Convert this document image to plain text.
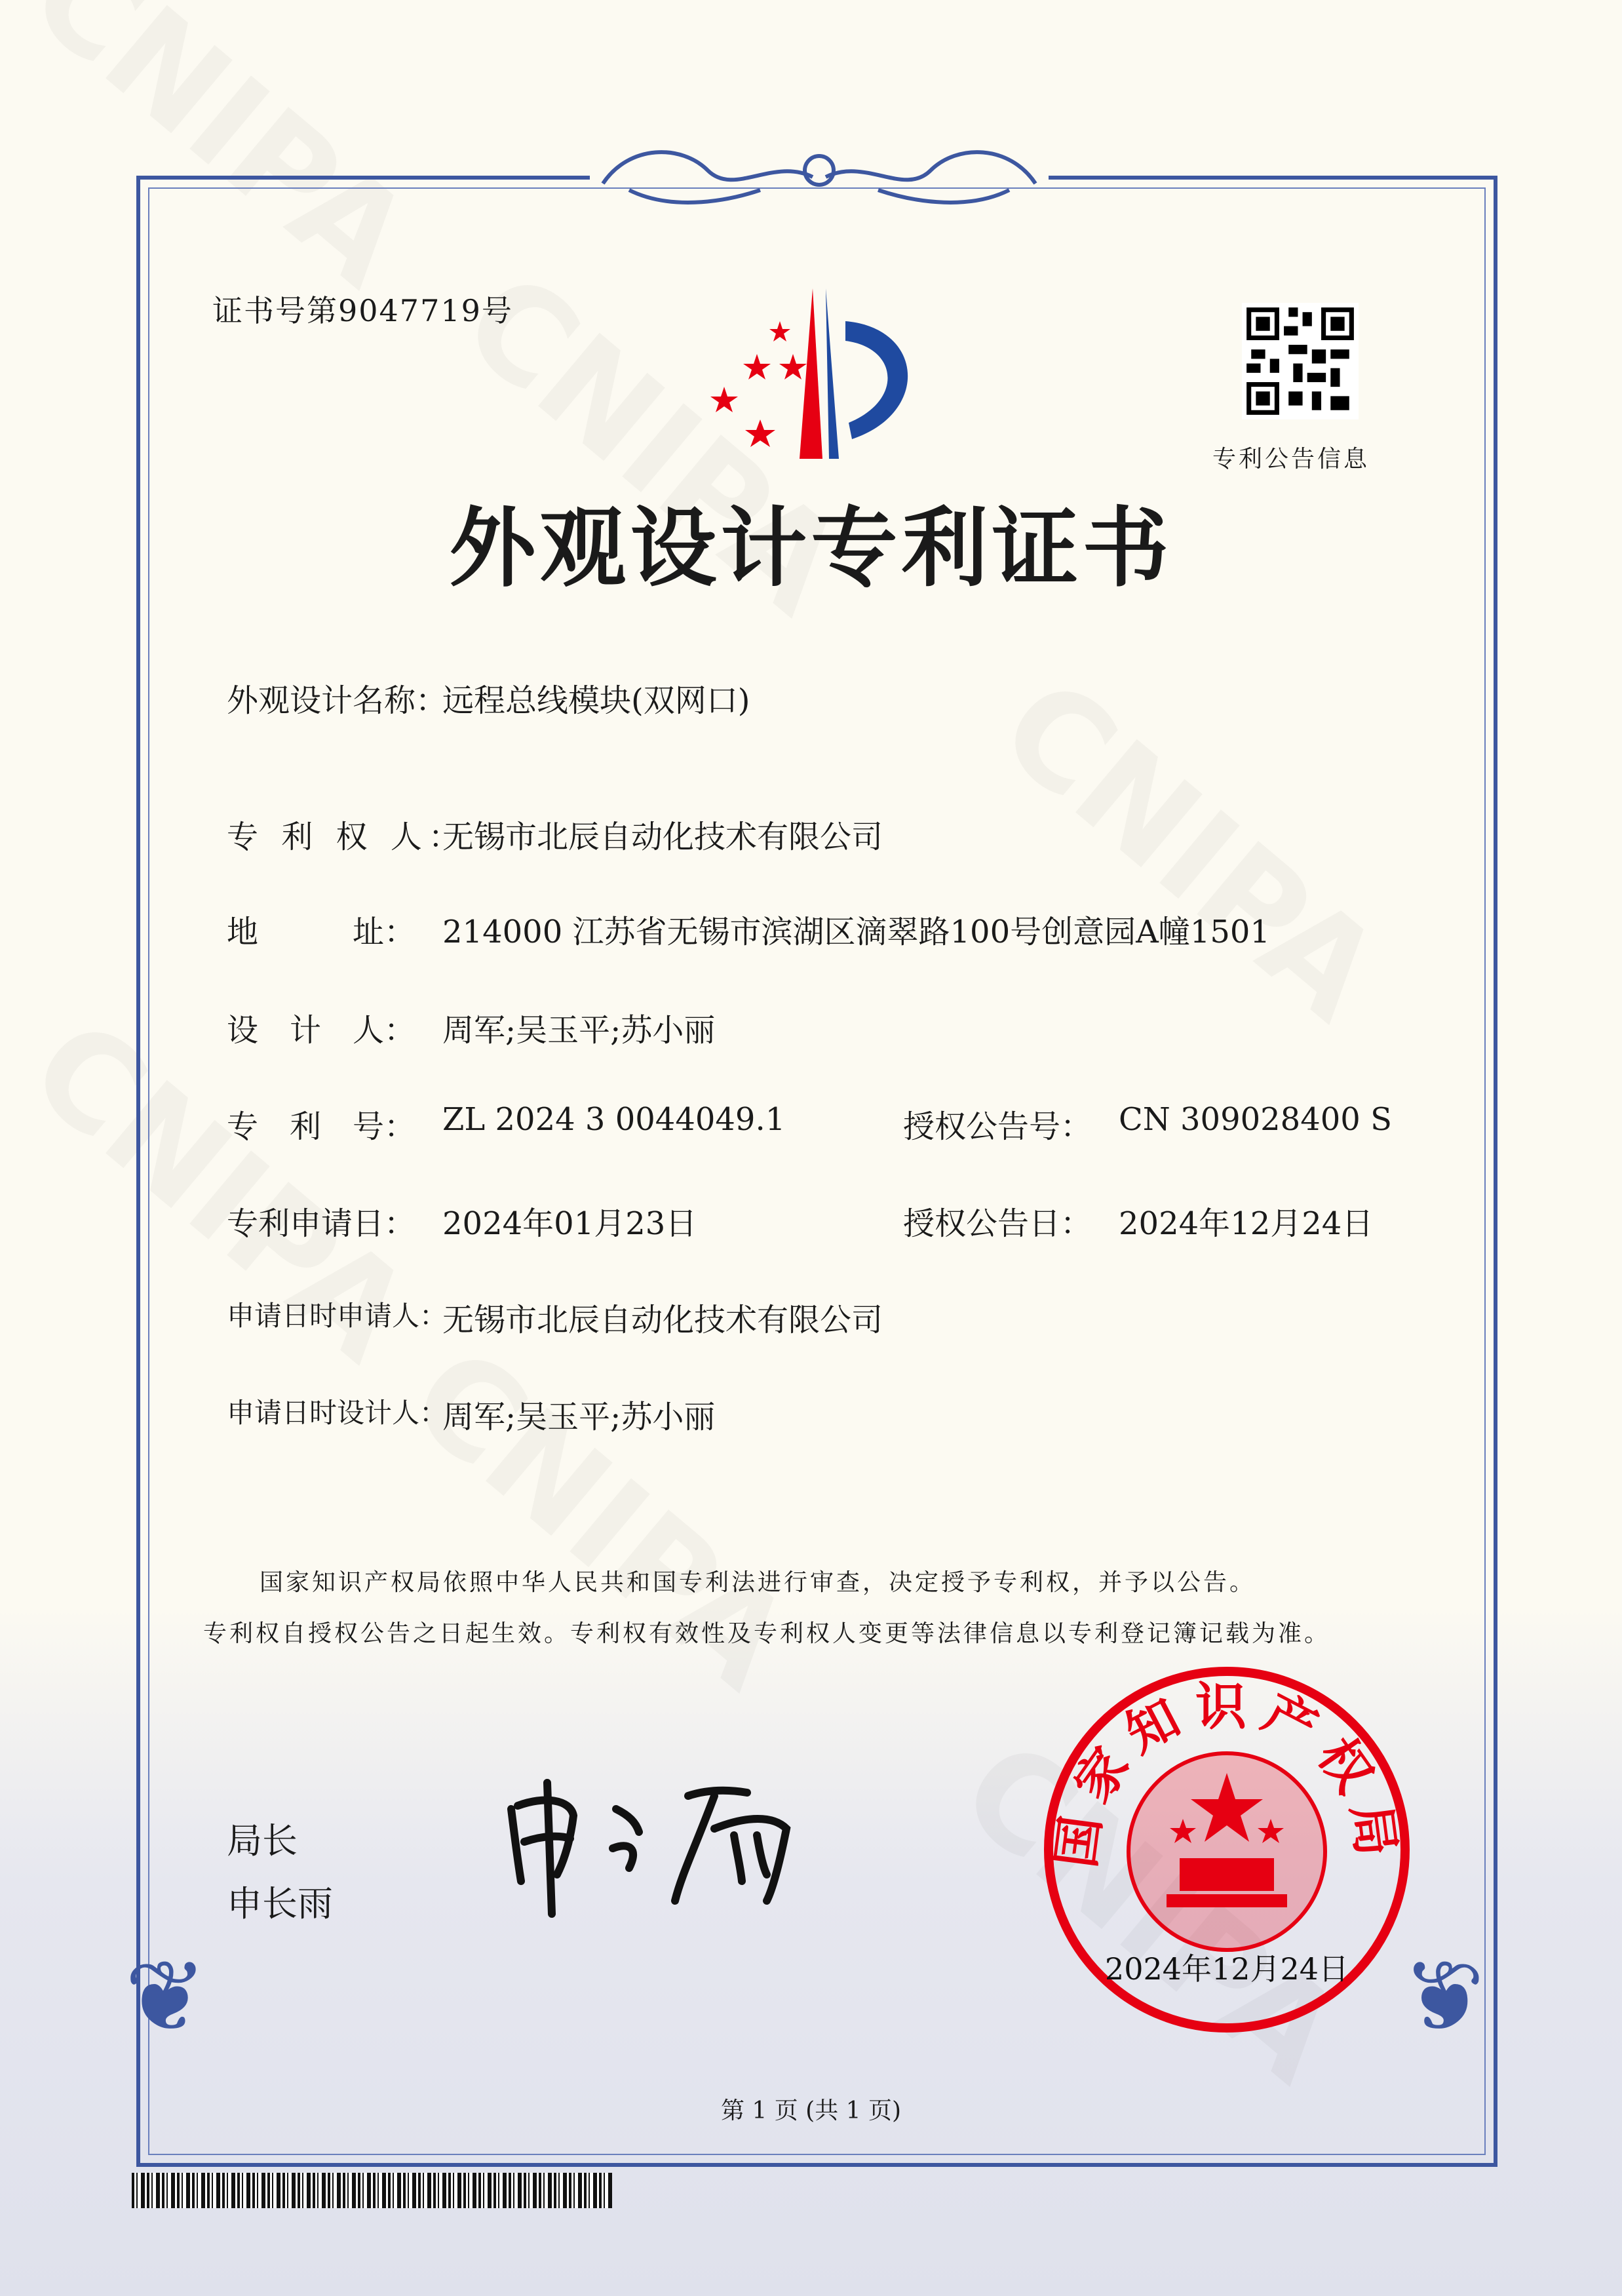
证书号第9047719号
专利公告信息
外观设计专利证书
外观设计名称：
远程总线模块(双网口)
专 利 权 人：
无锡市北辰自动化技术有限公司
地　　　址： 214000 江苏省无锡市滨湖区滴翠路100号创意园A幢1501
设　计　人： 周军;吴玉平;苏小丽
专　利　号： ZL 2024 3 0044049.1
专利申请日： 2024年01月23日
申请日时申请人：
无锡市北辰自动化技术有限公司
申请日时设计人：
周军;吴玉平;苏小丽
授权公告号： CN 309028400 S
授权公告日： 2024年12月24日
国家知识产权局依照中华人民共和国专利法进行审查，决定授予专利权，并予以公告。
专利权自授权公告之日起生效。专利权有效性及专利权人变更等法律信息以专利登记簿记载为准。
局长
申长雨
国家知识产权局
2024年12月24日
❦	❦
第 1 页 (共 1 页)
